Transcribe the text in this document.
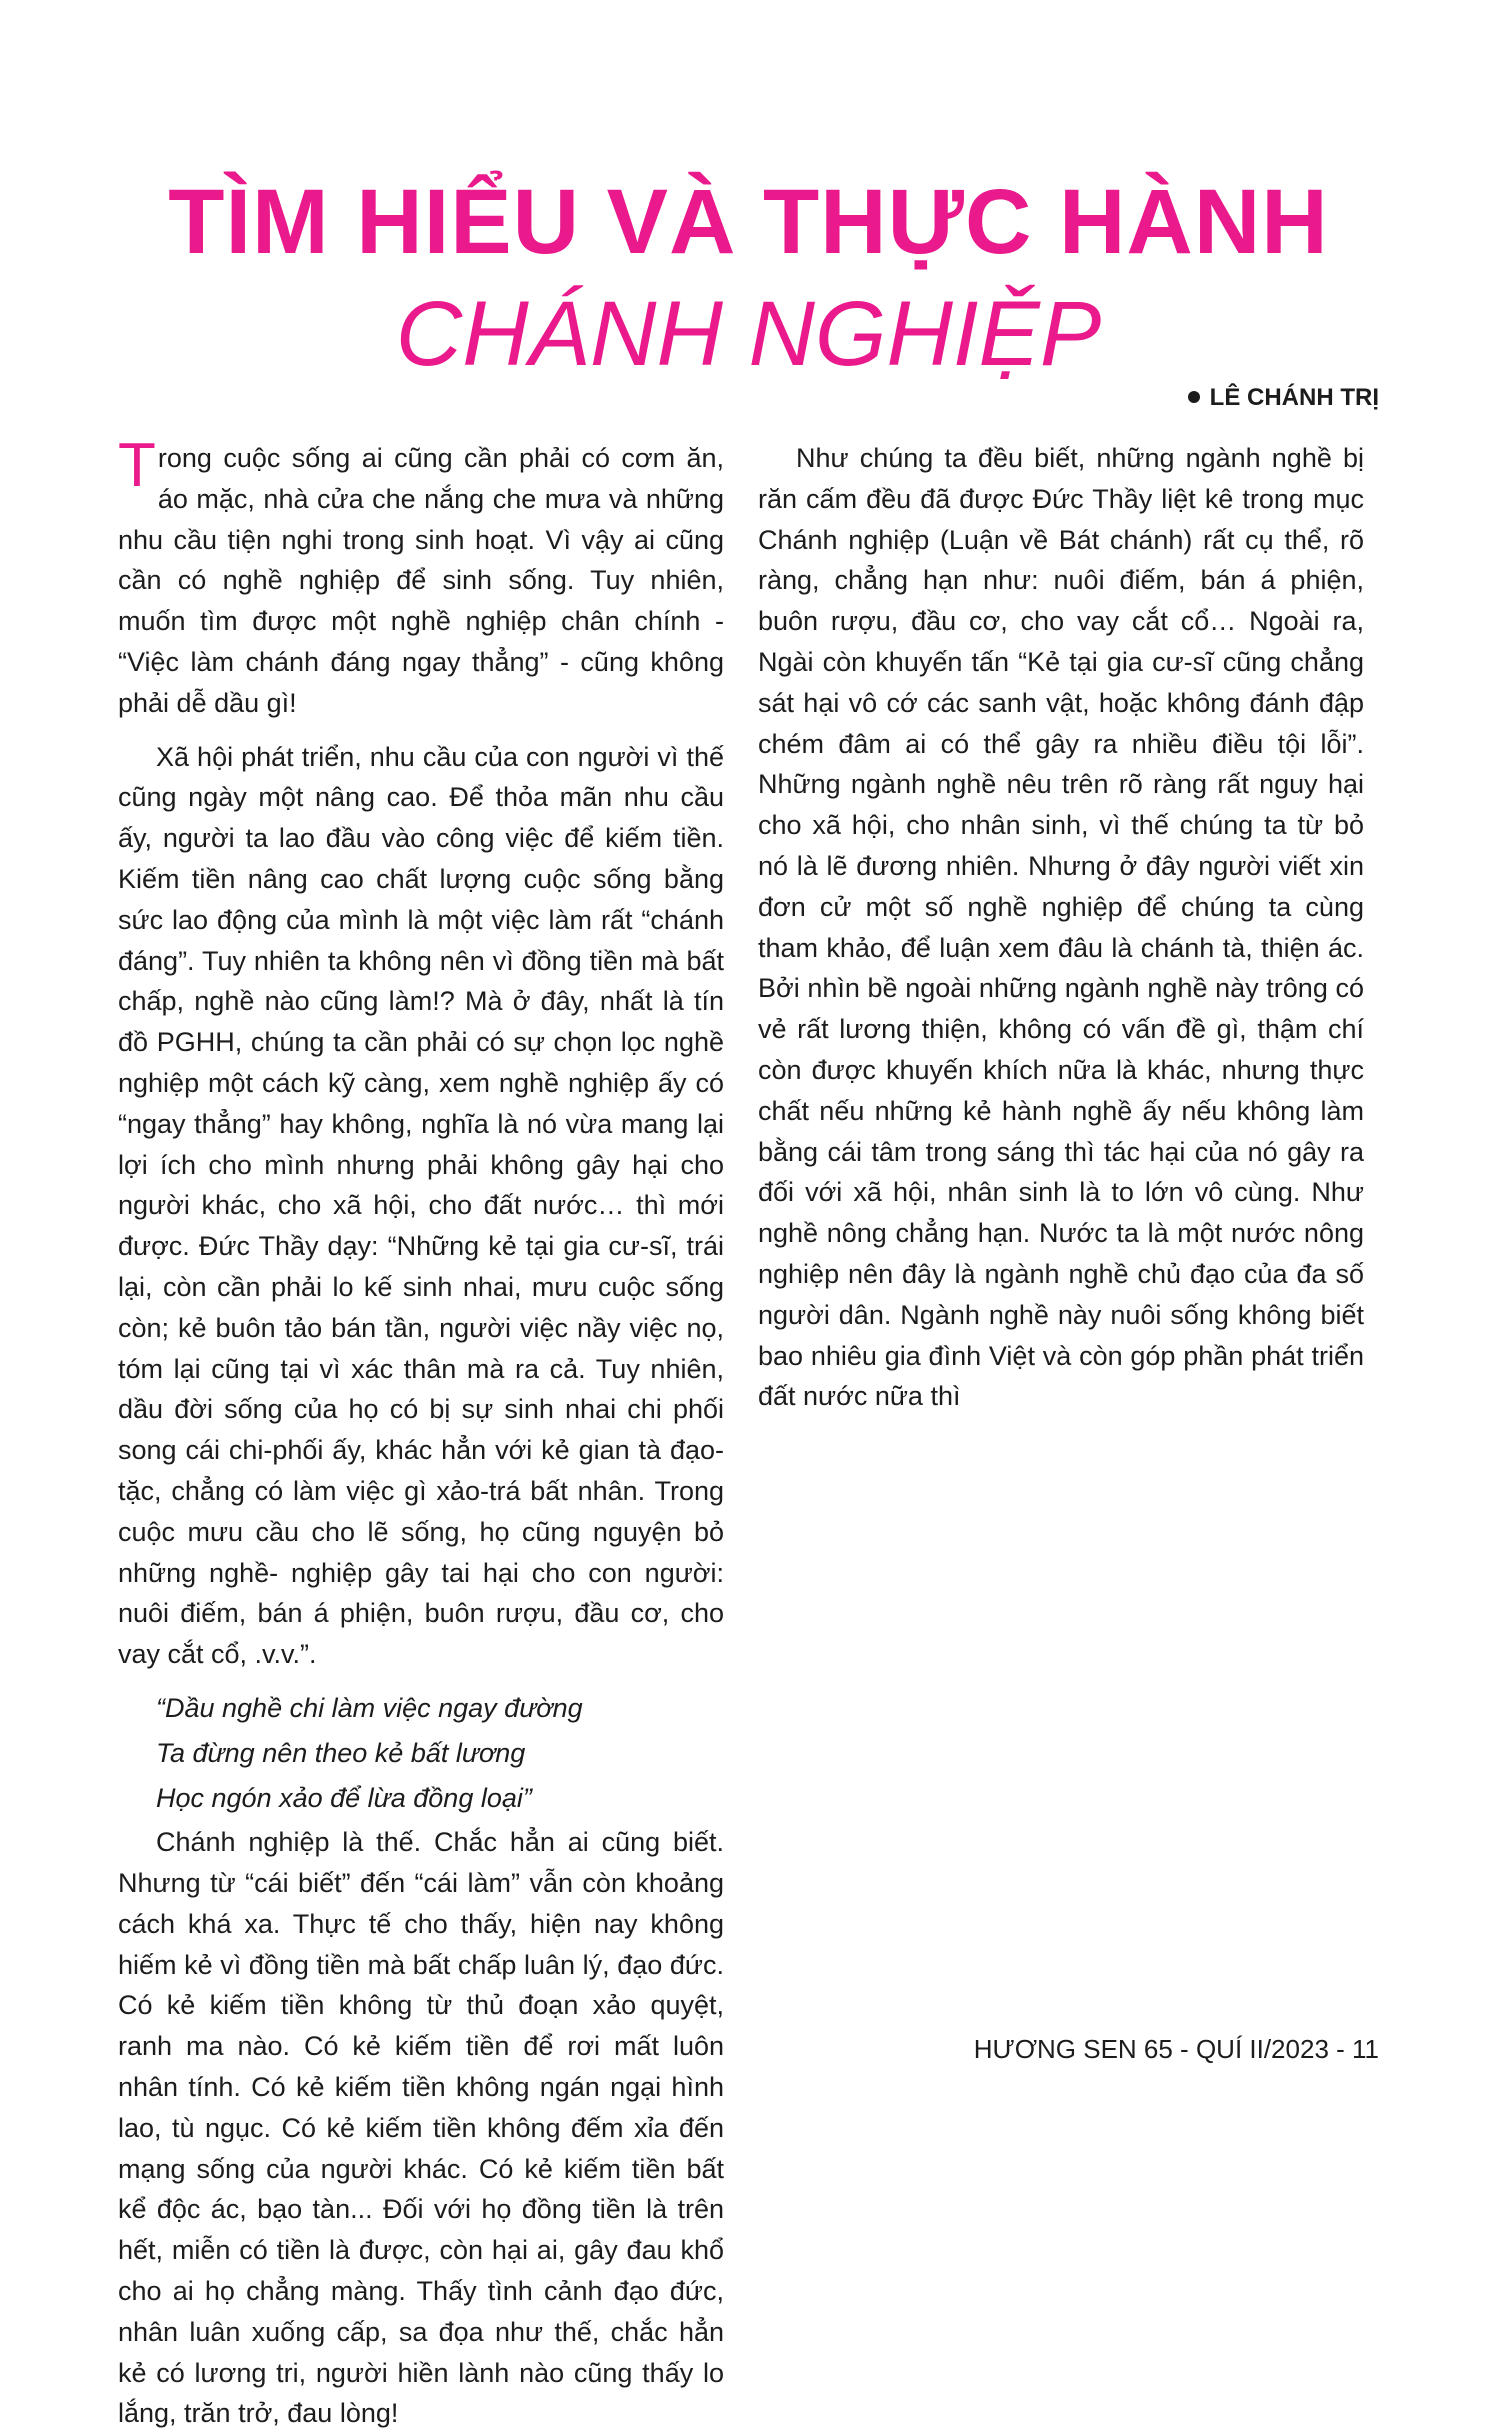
TÌM HIỂU VÀ THỰC HÀNH
CHÁNH NGHIỆP
LÊ CHÁNH TRỊ

Trong cuộc sống ai cũng cần phải có cơm ăn, áo mặc, nhà cửa che nắng che mưa và những nhu cầu tiện nghi trong sinh hoạt. Vì vậy ai cũng cần có nghề nghiệp để sinh sống. Tuy nhiên, muốn tìm được một nghề nghiệp chân chính - “Việc làm chánh đáng ngay thẳng” - cũng không phải dễ dầu gì!

Xã hội phát triển, nhu cầu của con người vì thế cũng ngày một nâng cao. Để thỏa mãn nhu cầu ấy, người ta lao đầu vào công việc để kiếm tiền. Kiếm tiền nâng cao chất lượng cuộc sống bằng sức lao động của mình là một việc làm rất “chánh đáng”. Tuy nhiên ta không nên vì đồng tiền mà bất chấp, nghề nào cũng làm!? Mà ở đây, nhất là tín đồ PGHH, chúng ta cần phải có sự chọn lọc nghề nghiệp một cách kỹ càng, xem nghề nghiệp ấy có “ngay thẳng” hay không, nghĩa là nó vừa mang lại lợi ích cho mình nhưng phải không gây hại cho người khác, cho xã hội, cho đất nước… thì mới được. Đức Thầy dạy: “Những kẻ tại gia cư-sĩ, trái lại, còn cần phải lo kế sinh nhai, mưu cuộc sống còn; kẻ buôn tảo bán tần, người việc nầy việc nọ, tóm lại cũng tại vì xác thân mà ra cả. Tuy nhiên, dầu đời sống của họ có bị sự sinh nhai chi phối song cái chi-phối ấy, khác hẳn với kẻ gian tà đạo-tặc, chẳng có làm việc gì xảo-trá bất nhân. Trong cuộc mưu cầu cho lẽ sống, họ cũng nguyện bỏ những nghề- nghiệp gây tai hại cho con người: nuôi điếm, bán á phiện, buôn rượu, đầu cơ, cho vay cắt cổ, .v.v.”.

“Dầu nghề chi làm việc ngay đường

Ta đừng nên theo kẻ bất lương

Học ngón xảo để lừa đồng loại”

Chánh nghiệp là thế. Chắc hẳn ai cũng biết. Nhưng từ “cái biết” đến “cái làm” vẫn còn khoảng cách khá xa. Thực tế cho thấy, hiện nay không hiếm kẻ vì đồng tiền mà bất chấp luân lý, đạo đức. Có kẻ kiếm tiền không từ thủ đoạn xảo quyệt, ranh ma nào. Có kẻ kiếm tiền để rơi mất luôn nhân tính. Có kẻ kiếm tiền không ngán ngại hình lao, tù ngục. Có kẻ kiếm tiền không đếm xỉa đến mạng sống của người khác. Có kẻ kiếm tiền bất kể độc ác, bạo tàn... Đối với họ đồng tiền là trên hết, miễn có tiền là được, còn hại ai, gây đau khổ cho ai họ chẳng màng. Thấy tình cảnh đạo đức, nhân luân xuống cấp, sa đọa như thế, chắc hẳn kẻ có lương tri, người hiền lành nào cũng thấy lo lắng, trăn trở, đau lòng!

Như chúng ta đều biết, những ngành nghề bị răn cấm đều đã được Đức Thầy liệt kê trong mục Chánh nghiệp (Luận về Bát chánh) rất cụ thể, rõ ràng, chẳng hạn như: nuôi điếm, bán á phiện, buôn rượu, đầu cơ, cho vay cắt cổ… Ngoài ra, Ngài còn khuyến tấn “Kẻ tại gia cư-sĩ cũng chẳng sát hại vô cớ các sanh vật, hoặc không đánh đập chém đâm ai có thể gây ra nhiều điều tội lỗi”. Những ngành nghề nêu trên rõ ràng rất nguy hại cho xã hội, cho nhân sinh, vì thế chúng ta từ bỏ nó là lẽ đương nhiên. Nhưng ở đây người viết xin đơn cử một số nghề nghiệp để chúng ta cùng tham khảo, để luận xem đâu là chánh tà, thiện ác. Bởi nhìn bề ngoài những ngành nghề này trông có vẻ rất lương thiện, không có vấn đề gì, thậm chí còn được khuyến khích nữa là khác, nhưng thực chất nếu những kẻ hành nghề ấy nếu không làm bằng cái tâm trong sáng thì tác hại của nó gây ra đối với xã hội, nhân sinh là to lớn vô cùng. Như nghề nông chẳng hạn. Nước ta là một nước nông nghiệp nên đây là ngành nghề chủ đạo của đa số người dân. Ngành nghề này nuôi sống không biết bao nhiêu gia đình Việt và còn góp phần phát triển đất nước nữa thì

HƯƠNG SEN 65 - QUÍ II/2023 - 11
